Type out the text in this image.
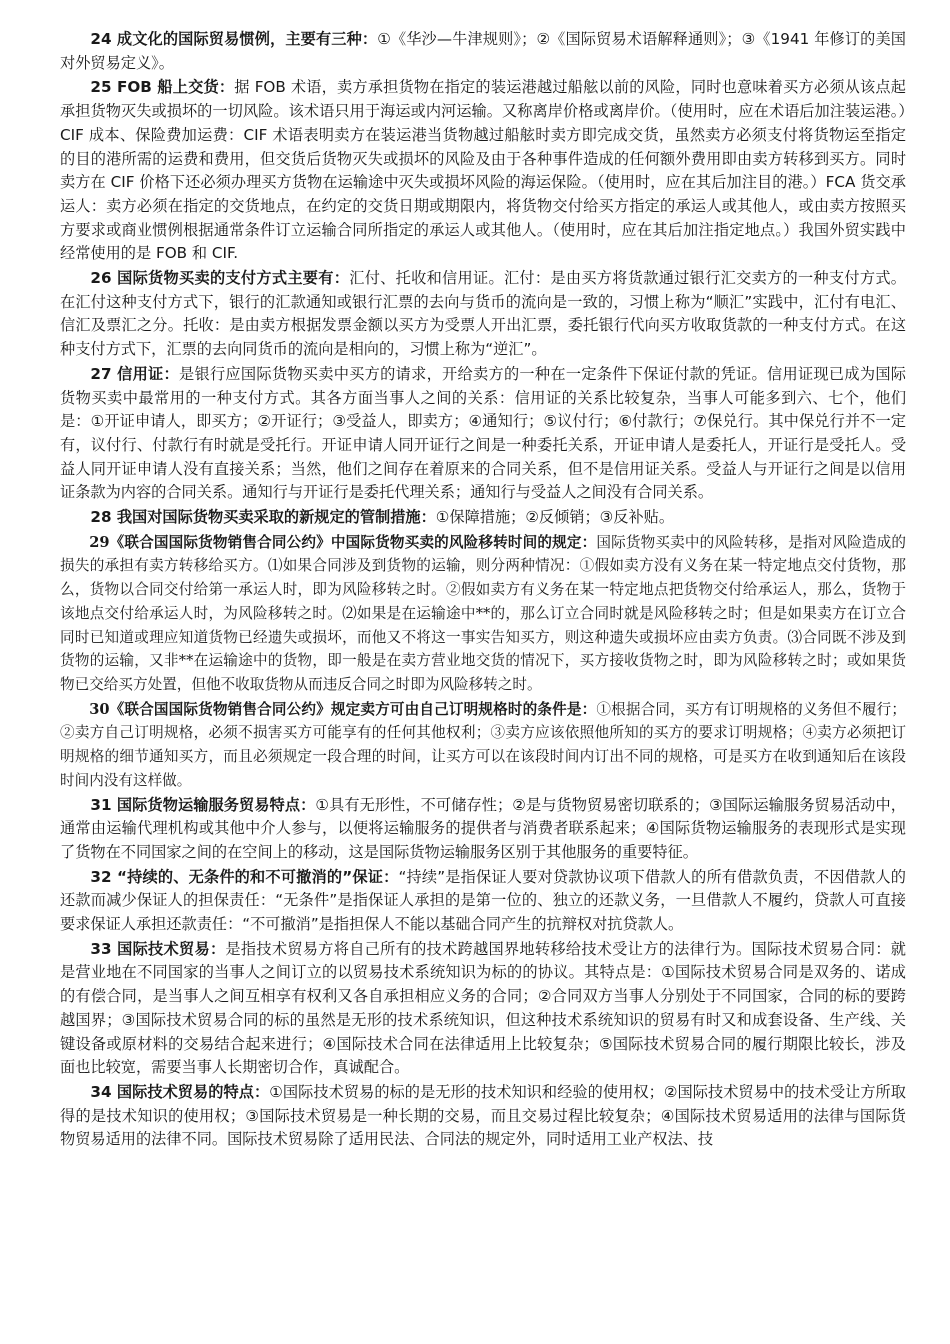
24 成文化的国际贸易惯例，主要有三种：①《华沙—牛津规则》；②《国际贸易术语解释通则》；③《1941 年修订的美国对外贸易定义》。

25 FOB 船上交货：据 FOB 术语，卖方承担货物在指定的装运港越过船舷以前的风险，同时也意味着买方必须从该点起承担货物灭失或损坏的一切风险。该术语只用于海运或内河运输。又称离岸价格或离岸价。（使用时，应在术语后加注装运港。）CIF 成本、保险费加运费：CIF 术语表明卖方在装运港当货物越过船舷时卖方即完成交货，虽然卖方必须支付将货物运至指定的目的港所需的运费和费用，但交货后货物灭失或损坏的风险及由于各种事件造成的任何额外费用即由卖方转移到买方。同时卖方在 CIF 价格下还必须办理买方货物在运输途中灭失或损坏风险的海运保险。（使用时，应在其后加注目的港。）FCA 货交承运人：卖方必须在指定的交货地点，在约定的交货日期或期限内，将货物交付给买方指定的承运人或其他人，或由卖方按照买方要求或商业惯例根据通常条件订立运输合同所指定的承运人或其他人。（使用时，应在其后加注指定地点。）我国外贸实践中经常使用的是 FOB 和 CIF.

26 国际货物买卖的支付方式主要有：汇付、托收和信用证。汇付：是由买方将货款通过银行汇交卖方的一种支付方式。在汇付这种支付方式下，银行的汇款通知或银行汇票的去向与货币的流向是一致的，习惯上称为“顺汇”实践中，汇付有电汇、信汇及票汇之分。托收：是由卖方根据发票金额以买方为受票人开出汇票，委托银行代向买方收取货款的一种支付方式。在这种支付方式下，汇票的去向同货币的流向是相向的，习惯上称为“逆汇”。

27 信用证：是银行应国际货物买卖中买方的请求，开给卖方的一种在一定条件下保证付款的凭证。信用证现已成为国际货物买卖中最常用的一种支付方式。其各方面当事人之间的关系：信用证的关系比较复杂，当事人可能多到六、七个，他们是：①开证申请人，即买方；②开证行；③受益人，即卖方；④通知行；⑤议付行；⑥付款行；⑦保兑行。其中保兑行并不一定有，议付行、付款行有时就是受托行。开证申请人同开证行之间是一种委托关系，开证申请人是委托人，开证行是受托人。受益人同开证申请人没有直接关系；当然，他们之间存在着原来的合同关系，但不是信用证关系。受益人与开证行之间是以信用证条款为内容的合同关系。通知行与开证行是委托代理关系；通知行与受益人之间没有合同关系。

28 我国对国际货物买卖采取的新规定的管制措施：①保障措施；②反倾销；③反补贴。

29《联合国国际货物销售合同公约》中国际货物买卖的风险移转时间的规定：国际货物买卖中的风险转移，是指对风险造成的损失的承担有卖方转移给买方。⑴如果合同涉及到货物的运输，则分两种情况：①假如卖方没有义务在某一特定地点交付货物，那么，货物以合同交付给第一承运人时，即为风险移转之时。②假如卖方有义务在某一特定地点把货物交付给承运人，那么，货物于该地点交付给承运人时，为风险移转之时。⑵如果是在运输途中**的，那么订立合同时就是风险移转之时；但是如果卖方在订立合同时已知道或理应知道货物已经遗失或损坏，而他又不将这一事实告知买方，则这种遗失或损坏应由卖方负责。⑶合同既不涉及到货物的运输，又非**在运输途中的货物，即一般是在卖方营业地交货的情况下，买方接收货物之时，即为风险移转之时；或如果货物已交给买方处置，但他不收取货物从而违反合同之时即为风险移转之时。

30《联合国国际货物销售合同公约》规定卖方可由自己订明规格时的条件是：①根据合同，买方有订明规格的义务但不履行；②卖方自己订明规格，必须不损害买方可能享有的任何其他权利；③卖方应该依照他所知的买方的要求订明规格；④卖方必须把订明规格的细节通知买方，而且必须规定一段合理的时间，让买方可以在该段时间内订出不同的规格，可是买方在收到通知后在该段时间内没有这样做。

31 国际货物运输服务贸易特点：①具有无形性，不可储存性；②是与货物贸易密切联系的；③国际运输服务贸易活动中，通常由运输代理机构或其他中介人参与，以便将运输服务的提供者与消费者联系起来；④国际货物运输服务的表现形式是实现了货物在不同国家之间的在空间上的移动，这是国际货物运输服务区别于其他服务的重要特征。

32 “持续的、无条件的和不可撤消的”保证：“持续”是指保证人要对贷款协议项下借款人的所有借款负责，不因借款人的还款而减少保证人的担保责任：“无条件”是指保证人承担的是第一位的、独立的还款义务，一旦借款人不履约，贷款人可直接要求保证人承担还款责任：“不可撤消”是指担保人不能以基础合同产生的抗辩权对抗贷款人。

33 国际技术贸易：是指技术贸易方将自己所有的技术跨越国界地转移给技术受让方的法律行为。国际技术贸易合同：就是营业地在不同国家的当事人之间订立的以贸易技术系统知识为标的的协议。其特点是：①国际技术贸易合同是双务的、诺成的有偿合同，是当事人之间互相享有权利又各自承担相应义务的合同；②合同双方当事人分别处于不同国家，合同的标的要跨越国界；③国际技术贸易合同的标的虽然是无形的技术系统知识，但这种技术系统知识的贸易有时又和成套设备、生产线、关键设备或原材料的交易结合起来进行；④国际技术合同在法律适用上比较复杂；⑤国际技术贸易合同的履行期限比较长，涉及面也比较宽，需要当事人长期密切合作，真诚配合。

34 国际技术贸易的特点：①国际技术贸易的标的是无形的技术知识和经验的使用权；②国际技术贸易中的技术受让方所取得的是技术知识的使用权；③国际技术贸易是一种长期的交易，而且交易过程比较复杂；④国际技术贸易适用的法律与国际货物贸易适用的法律不同。国际技术贸易除了适用民法、合同法的规定外，同时适用工业产权法、技
